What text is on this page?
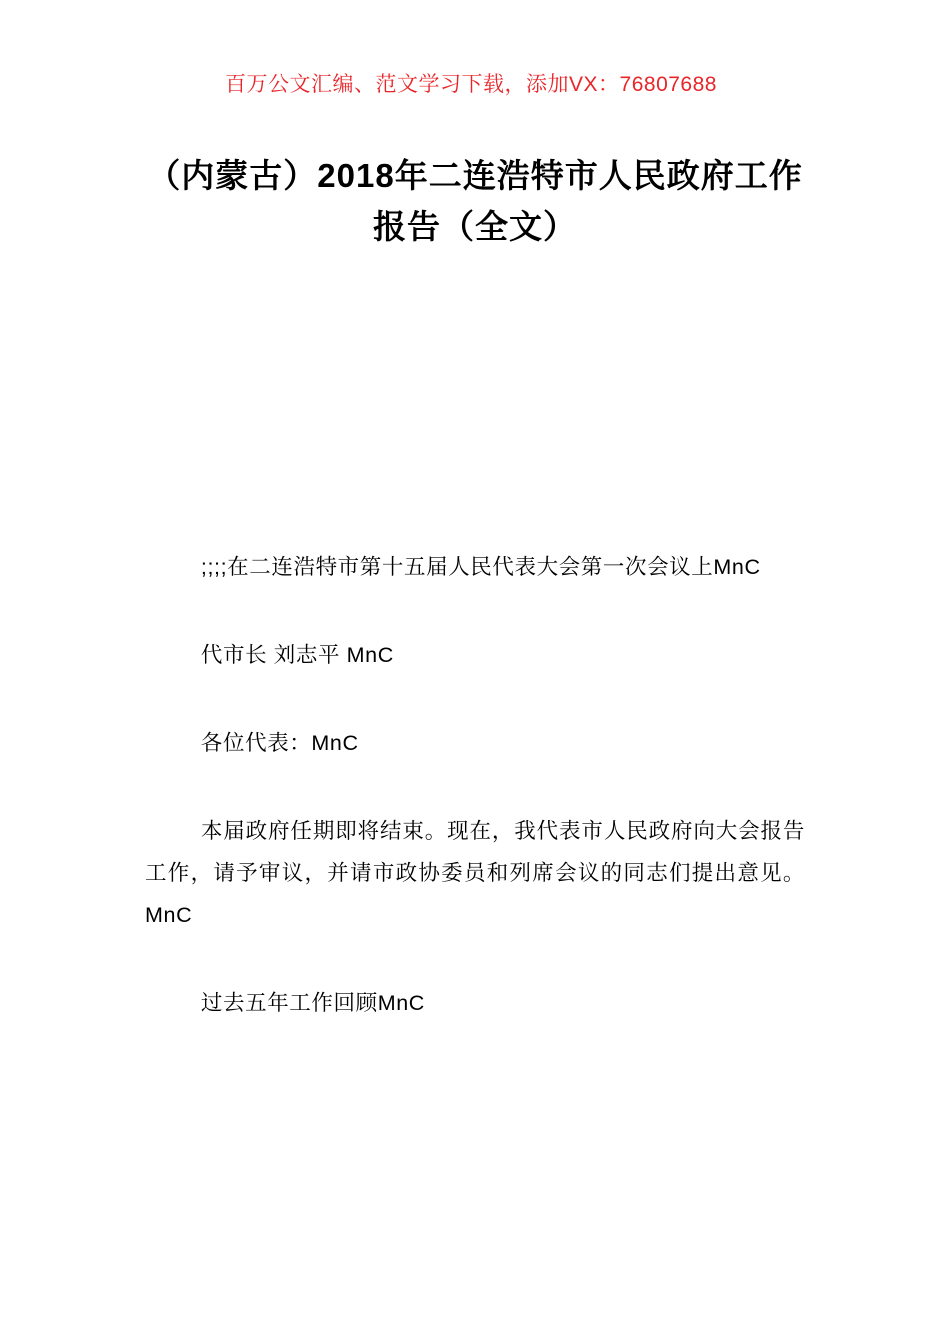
百万公文汇编、范文学习下载，添加VX：76807688
（内蒙古）2018年二连浩特市人民政府工作报告（全文）

;;;;在二连浩特市第十五届人民代表大会第一次会议上MnC

代市长 刘志平 MnC

各位代表：MnC

本届政府任期即将结束。现在，我代表市人民政府向大会报告工作，请予审议，并请市政协委员和列席会议的同志们提出意见。MnC

过去五年工作回顾MnC
